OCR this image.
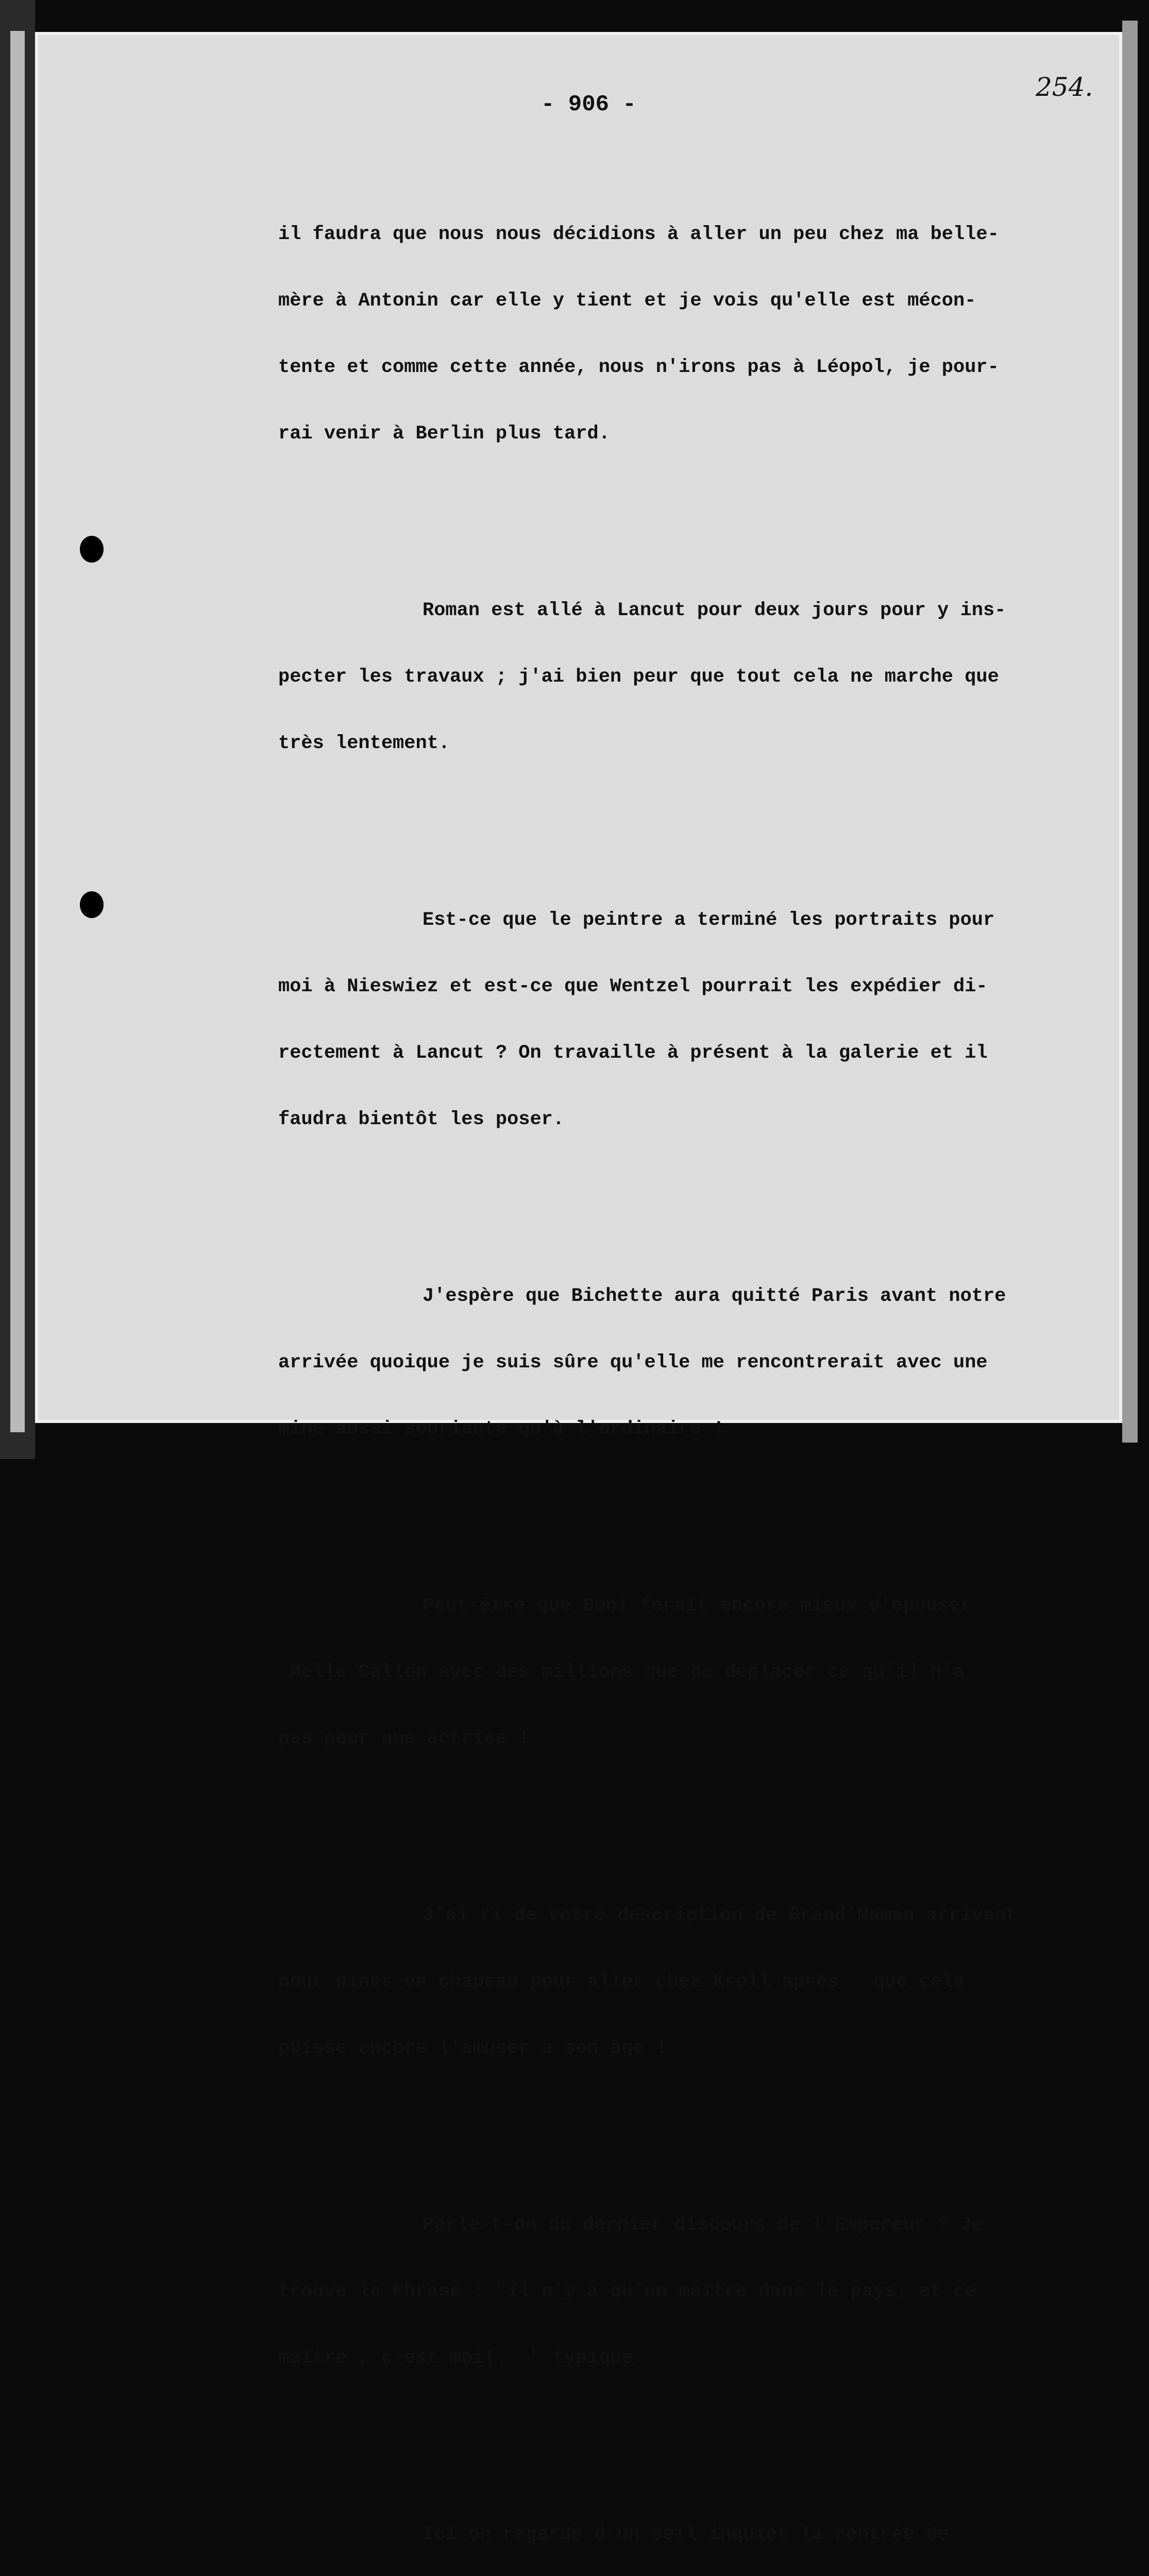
254.
- 906 -

il faudra que nous nous décidions à aller un peu chez ma belle-

mère à Antonin car elle y tient et je vois qu'elle est mécon-

tente et comme cette année, nous n'irons pas à Léopol, je pour-

rai venir à Berlin plus tard.

Roman est allé à Lancut pour deux jours pour y ins-

pecter les travaux ; j'ai bien peur que tout cela ne marche que

très lentement.

Est-ce que le peintre a terminé les portraits pour

moi à Nieswiez et est-ce que Wentzel pourrait les expédier di-

rectement à Lancut ? On travaille à présent à la galerie et il

faudra bientôt les poser.

J'espère que Bichette aura quitté Paris avant notre

arrivée quoique je suis sûre qu'elle me rencontrerait avec une

mine aussi souriante qu'à l'ordinaire !

Peut-être que Boni ferait encore mieux d'épouser

Melle Callon avec des millions que de déplacer ce qu'il n'a

pas pour une actrice !

J'ai ri de votre description de Grand'Maman arrivant

pour diner en chapeau pour aller chez Kroll après - que cela

puisse encore l'amuser à son âge !

Parle-t-on du dernier discours de l'Empereur ? Je

trouve la Phrase : "Il n'y a qu'un maitre dans le pays, et ce

maitre , c'est moi(.  " typique.

Ici on regarde d'un oeil inquiet la rentrée de
